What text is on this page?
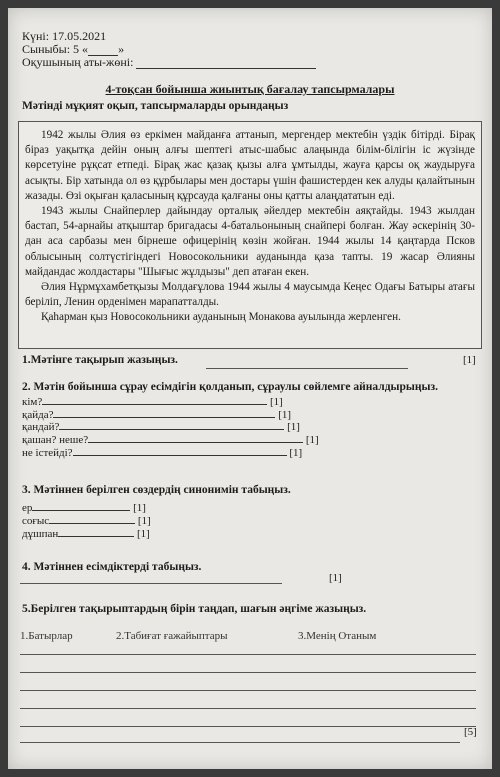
Күні: 17.05.2021
Сыныбы: 5 «	»
Оқушының аты-жөні:
4-тоқсан бойынша жиынтық бағалау тапсырмалары
Мәтінді мұқият оқып, тапсырмаларды орындаңыз

1942 жылы Әлия өз еркімен майданға аттанып, мергендер мектебін үздік бітірді. Бірақ біраз уақытқа дейін оның алғы шептегі атыс-шабыс алаңында білім-білігін іс жүзінде көрсетуіне рұқсат етпеді. Бірақ жас қазақ қызы алға ұмтылды, жауға қарсы оқ жаудыруға асықты. Бір хатында ол өз құрбылары мен достары үшін фашистерден кек алуды қалайтынын жазады. Өзі оқыған қаласының құрсауда қалғаны оны қатты алаңдататын еді.

1943 жылы Снайперлер дайындау орталық әйелдер мектебін аяқтайды. 1943 жылдан бастап, 54-арнайы атқыштар бригадасы 4-батальонының снайпері болған. Жау әскерінің 30-дан аса сарбазы мен бірнеше офицерінің көзін жойған. 1944 жылы 14 қаңтарда Псков облысының солтүстігіндегі Новосокольники ауданында қаза тапты. 19 жасар Әлияны майдандас жолдастары "Шығыс жұлдызы" деп атаған екен.

Әлия Нұрмұхамбетқызы Молдағұлова 1944 жылы 4 маусымда Кеңес Одағы Батыры атағы беріліп, Ленин орденімен марапатталды.

Қаһарман қыз Новосокольники ауданының Монакова ауылында жерленген.

1.Мәтінге тақырып жазыңыз.	[1]
2. Мәтін бойынша сұрау есімдігін қолданып, сұраулы сөйлемге айналдырыңыз.
кім?	[1]
қайда?	[1]
қандай?	[1]
қашан? неше?	[1]
не істейді?	[1]
3. Мәтіннен берілген сөздердің синонимін табыңыз.
ер	[1]
соғыс	[1]
дұшпан	[1]
4. Мәтіннен есімдіктерді табыңыз.
[1]
5.Берілген тақырыптардың бірін таңдап, шағын әңгіме жазыңыз.
1.Батырлар	2.Табиғат ғажайыптары	3.Менің Отаным
[5]
